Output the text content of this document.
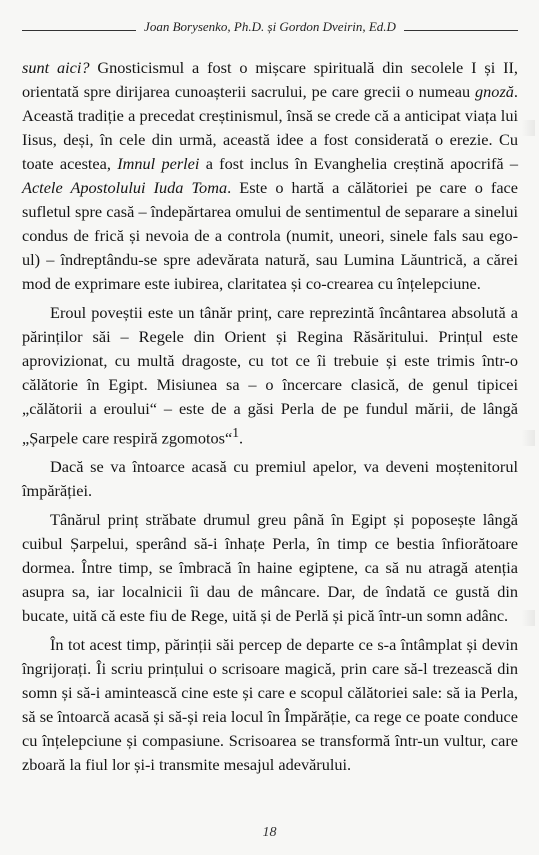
Joan Borysenko, Ph.D. și Gordon Dveirin, Ed.D

sunt aici? Gnosticismul a fost o mișcare spirituală din secolele I și II, orientată spre dirijarea cunoașterii sacrului, pe care grecii o numeau gnoză. Această tradiție a precedat creștinismul, însă se crede că a anticipat viața lui Iisus, deși, în cele din urmă, această idee a fost considerată o erezie. Cu toate acestea, Imnul perlei a fost inclus în Evanghelia creștină apocrifă – Actele Apostolului Iuda Toma. Este o hartă a călătoriei pe care o face sufletul spre casă – îndepărtarea omului de sentimentul de separare a sinelui condus de frică și nevoia de a controla (numit, uneori, sinele fals sau ego-ul) – îndreptându-se spre adevărata natură, sau Lumina Lăuntrică, a cărei mod de exprimare este iubirea, claritatea și co-crearea cu înțelepciune.

Eroul poveștii este un tânăr prinț, care reprezintă încântarea absolută a părinților săi – Regele din Orient și Regina Răsăritului. Prințul este aprovizionat, cu multă dragoste, cu tot ce îi trebuie și este trimis într-o călătorie în Egipt. Misiunea sa – o încercare clasică, de genul tipicei „călătorii a eroului“ – este de a găsi Perla de pe fundul mării, de lângă „Șarpele care respiră zgomotos“$^1$.

Dacă se va întoarce acasă cu premiul apelor, va deveni moștenitorul împărăției.

Tânărul prinț străbate drumul greu până în Egipt și poposește lângă cuibul Șarpelui, sperând să-i înhațe Perla, în timp ce bestia înfiorătoare dormea. Între timp, se îmbracă în haine egiptene, ca să nu atragă atenția asupra sa, iar localnicii îi dau de mâncare. Dar, de îndată ce gustă din bucate, uită că este fiu de Rege, uită și de Perlă și pică într-un somn adânc.

În tot acest timp, părinții săi percep de departe ce s-a întâmplat și devin îngrijorați. Îi scriu prințului o scrisoare magică, prin care să-l trezească din somn și să-i amintească cine este și care e scopul călătoriei sale: să ia Perla, să se întoarcă acasă și să-și reia locul în Împărăție, ca rege ce poate conduce cu înțelepciune și compasiune. Scrisoarea se transformă într-un vultur, care zboară la fiul lor și-i transmite mesajul adevărului.

18
